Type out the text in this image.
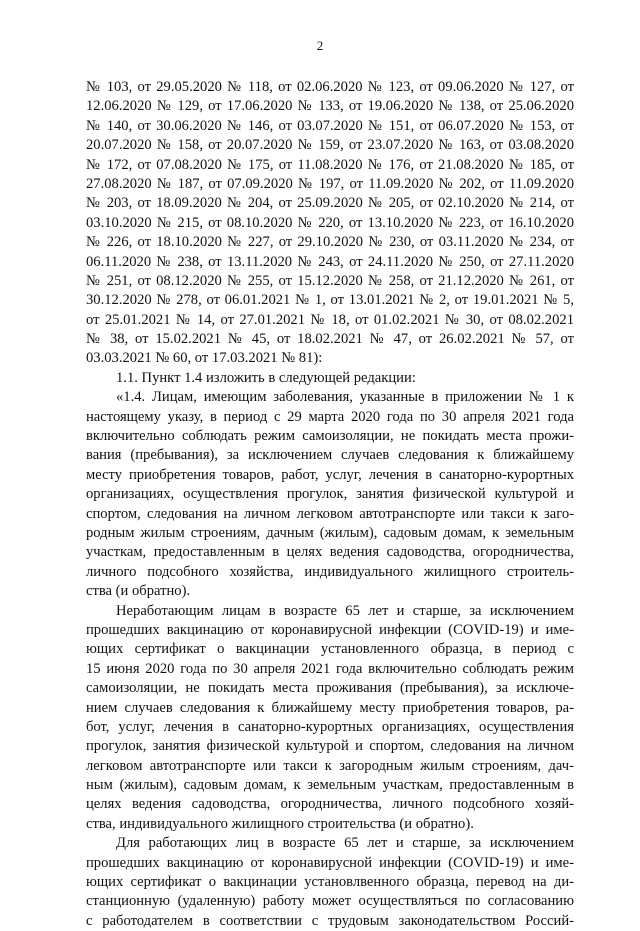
2
№ 103, от 29.05.2020 № 118, от 02.06.2020 № 123, от 09.06.2020 № 127, от
12.06.2020 № 129, от 17.06.2020 № 133, от 19.06.2020 № 138, от 25.06.2020
№ 140, от 30.06.2020 № 146, от 03.07.2020 № 151, от 06.07.2020 № 153, от
20.07.2020 № 158, от 20.07.2020 № 159, от 23.07.2020 № 163, от 03.08.2020
№ 172, от 07.08.2020 № 175, от 11.08.2020 № 176, от 21.08.2020 № 185, от
27.08.2020 № 187, от 07.09.2020 № 197, от 11.09.2020 № 202, от 11.09.2020
№ 203, от 18.09.2020 № 204, от 25.09.2020 № 205, от 02.10.2020 № 214, от
03.10.2020 № 215, от 08.10.2020 № 220, от 13.10.2020 № 223, от 16.10.2020
№ 226, от 18.10.2020 № 227, от 29.10.2020 № 230, от 03.11.2020 № 234, от
06.11.2020 № 238, от 13.11.2020 № 243, от 24.11.2020 № 250, от 27.11.2020
№ 251, от 08.12.2020 № 255, от 15.12.2020 № 258, от 21.12.2020 № 261, от
30.12.2020 № 278, от 06.01.2021 № 1, от 13.01.2021 № 2, от 19.01.2021 № 5,
от 25.01.2021 № 14, от 27.01.2021 № 18, от 01.02.2021 № 30, от 08.02.2021
№ 38, от 15.02.2021 № 45, от 18.02.2021 № 47, от 26.02.2021 № 57, от
03.03.2021 № 60, от 17.03.2021 № 81):
1.1. Пункт 1.4 изложить в следующей редакции:
«1.4. Лицам, имеющим заболевания, указанные в приложении № 1 к
настоящему указу, в период с 29 марта 2020 года по 30 апреля 2021 года
включительно соблюдать режим самоизоляции, не покидать места прожи-
вания (пребывания), за исключением случаев следования к ближайшему
месту приобретения товаров, работ, услуг, лечения в санаторно-курортных
организациях, осуществления прогулок, занятия физической культурой и
спортом, следования на личном легковом автотранспорте или такси к заго-
родным жилым строениям, дачным (жилым), садовым домам, к земельным
участкам, предоставленным в целях ведения садоводства, огородничества,
личного подсобного хозяйства, индивидуального жилищного строитель-
ства (и обратно).
Неработающим лицам в возрасте 65 лет и старше, за исключением
прошедших вакцинацию от коронавирусной инфекции (COVID-19) и име-
ющих сертификат о вакцинации установленного образца, в период с
15 июня 2020 года по 30 апреля 2021 года включительно соблюдать режим
самоизоляции, не покидать места проживания (пребывания), за исключе-
нием случаев следования к ближайшему месту приобретения товаров, ра-
бот, услуг, лечения в санаторно-курортных организациях, осуществления
прогулок, занятия физической культурой и спортом, следования на личном
легковом автотранспорте или такси к загородным жилым строениям, дач-
ным (жилым), садовым домам, к земельным участкам, предоставленным в
целях ведения садоводства, огородничества, личного подсобного хозяй-
ства, индивидуального жилищного строительства (и обратно).
Для работающих лиц в возрасте 65 лет и старше, за исключением
прошедших вакцинацию от коронавирусной инфекции (COVID-19) и име-
ющих сертификат о вакцинации установлвенного образца, перевод на ди-
станционную (удаленную) работу может осуществляться по согласованию
с работодателем в соответствии с трудовым законодательством Россий-
